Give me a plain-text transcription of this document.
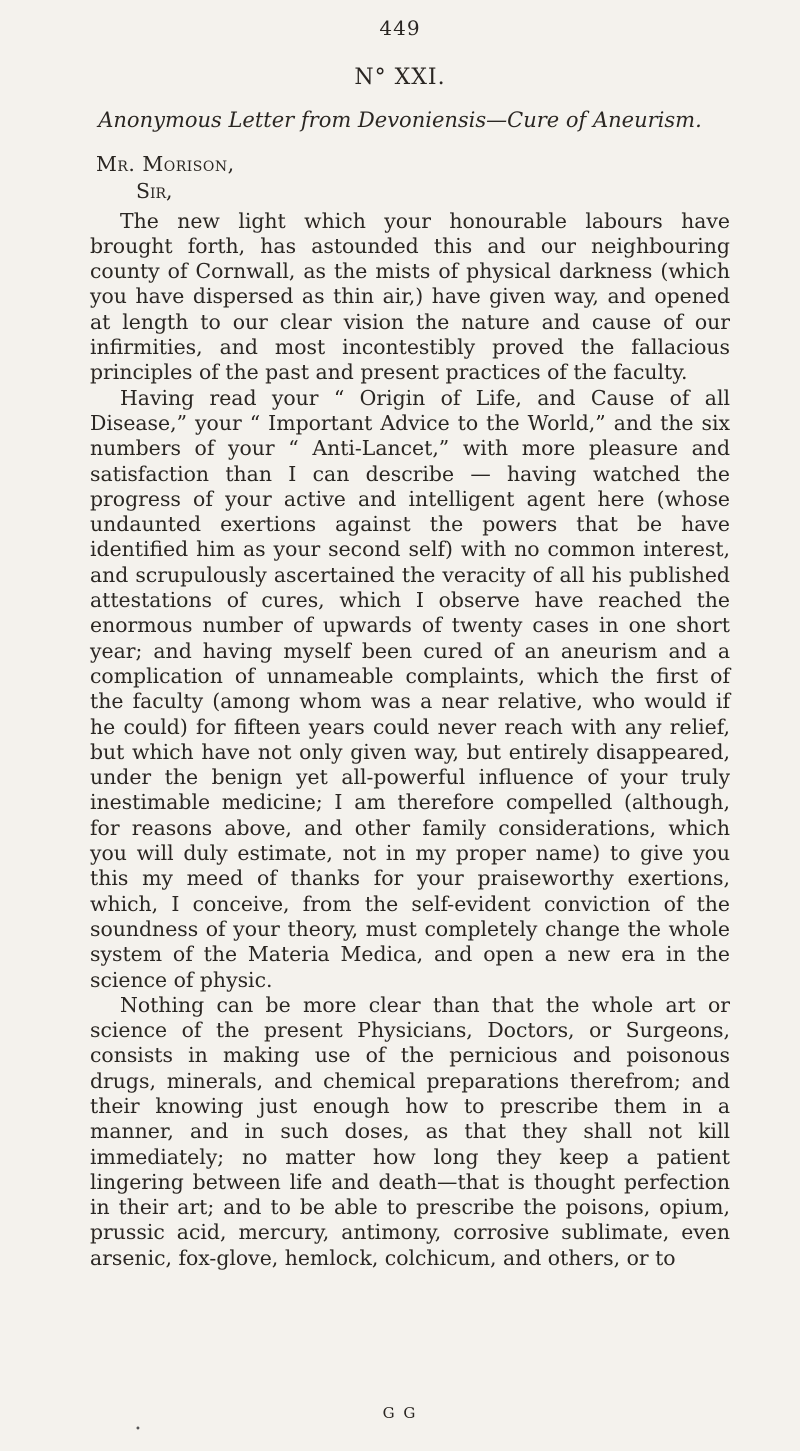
449
N° XXI.
Anonymous Letter from Devoniensis—Cure of Aneurism.
Mr. Morison,
Sir,

The new light which your honourable labours have brought forth, has astounded this and our neighbouring county of Cornwall, as the mists of physical darkness (which you have dispersed as thin air,) have given way, and opened at length to our clear vision the nature and cause of our infirmities, and most incontestibly proved the fallacious principles of the past and present practices of the faculty.

Having read your “ Origin of Life, and Cause of all Disease,” your “ Important Advice to the World,” and the six numbers of your “ Anti-Lancet,” with more pleasure and satisfaction than I can describe — having watched the progress of your active and intelligent agent here (whose undaunted exertions against the powers that be have identified him as your second self) with no common interest, and scrupulously ascertained the veracity of all his published attestations of cures, which I observe have reached the enormous number of upwards of twenty cases in one short year; and having myself been cured of an aneurism and a complication of unnameable complaints, which the first of the faculty (among whom was a near relative, who would if he could) for fifteen years could never reach with any relief, but which have not only given way, but entirely disappeared, under the benign yet all-powerful influence of your truly inestimable medicine; I am therefore compelled (although, for reasons above, and other family considerations, which you will duly estimate, not in my proper name) to give you this my meed of thanks for your praiseworthy exertions, which, I conceive, from the self-evident conviction of the soundness of your theory, must completely change the whole system of the Materia Medica, and open a new era in the science of physic.

Nothing can be more clear than that the whole art or science of the present Physicians, Doctors, or Surgeons, consists in making use of the pernicious and poisonous drugs, minerals, and chemical preparations therefrom; and their knowing just enough how to prescribe them in a manner, and in such doses, as that they shall not kill immediately; no matter how long they keep a patient lingering between life and death—that is thought perfection in their art; and to be able to prescribe the poisons, opium, prussic acid, mercury, antimony, corrosive sublimate, even arsenic, fox-glove, hemlock, colchicum, and others, or to

G G
•
